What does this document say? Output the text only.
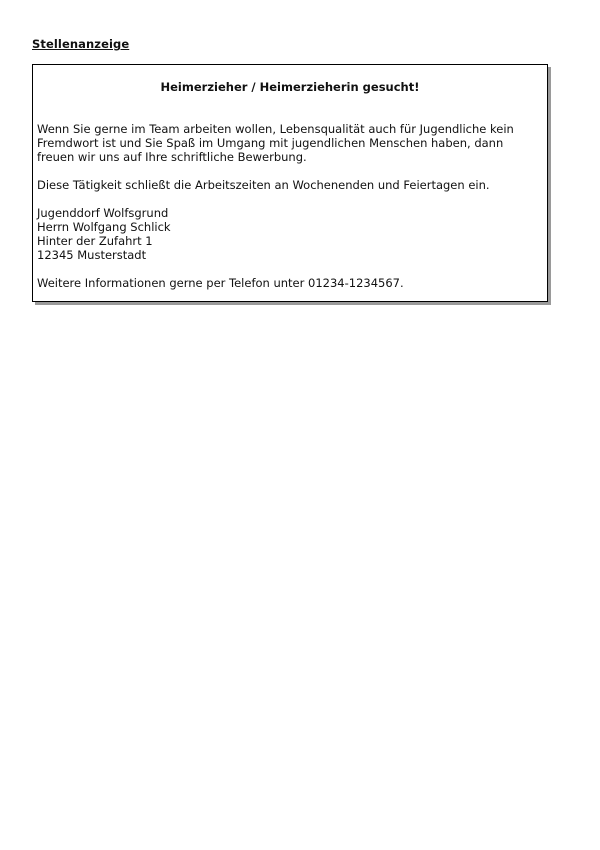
Stellenanzeige

Heimerzieher / Heimerzieherin gesucht!

Wenn Sie gerne im Team arbeiten wollen, Lebensqualität auch für Jugendliche kein
Fremdwort ist und Sie Spaß im Umgang mit jugendlichen Menschen haben, dann
freuen wir uns auf Ihre schriftliche Bewerbung.

Diese Tätigkeit schließt die Arbeitszeiten an Wochenenden und Feiertagen ein.

Jugenddorf Wolfsgrund
Herrn Wolfgang Schlick
Hinter der Zufahrt 1
12345 Musterstadt

Weitere Informationen gerne per Telefon unter 01234-1234567.
